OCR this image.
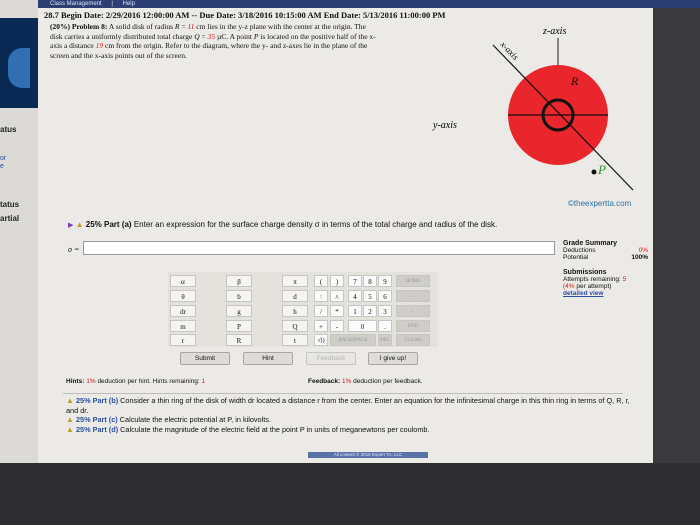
Class Management | Help
atus
or
e
tatus
artial
28.7 Begin Date: 2/29/2016 12:00:00 AM -- Due Date: 3/18/2016 10:15:00 AM End Date: 5/13/2016 11:00:00 PM
(20%) Problem 8: A solid disk of radius R = 11 cm lies in the y-z plane with the center at the origin. The disk carries a uniformly distributed total charge Q = 35 µC. A point P is located on the positive half of the x-axis a distance 19 cm from the origin. Refer to the diagram, where the y- and z-axes lie in the plane of the screen and the x-axis points out of the screen.
z-axis
R
x-axis
y-axis
P
©theexpertta.com
▶ ▲ 25% Part (a) Enter an expression for the surface charge density σ in terms of the total charge and radius of the disk.
σ =
Grade Summary
Deductions	0%
Potential	100%
Submissions
Attempts remaining: 5
(4% per attempt)
detailed view
α	β	π
θ	b	d
dr	g	h
m	P	Q
r	R	t
(	)
↑	∧
/	*
+	-
√()	BACKSPACE
7	8	9
4	5	6
1	2	3
0	.
DEL
HOME
→
←
END
CLEAR
Submit	Hint	Feedback	I give up!
Hints: 1% deduction per hint. Hints remaining: 1	Feedback: 1% deduction per feedback.
▲ 25% Part (b) Consider a thin ring of the disk of width dr located a distance r from the center. Enter an equation for the infinitesimal charge in this thin ring in terms of Q, R, r, and dr.
▲ 25% Part (c) Calculate the electric potential at P, in kilovolts.
▲ 25% Part (d) Calculate the magnitude of the electric field at the point P in units of meganewtons per coulomb.
All content © 2016 Expert TA, LLC
